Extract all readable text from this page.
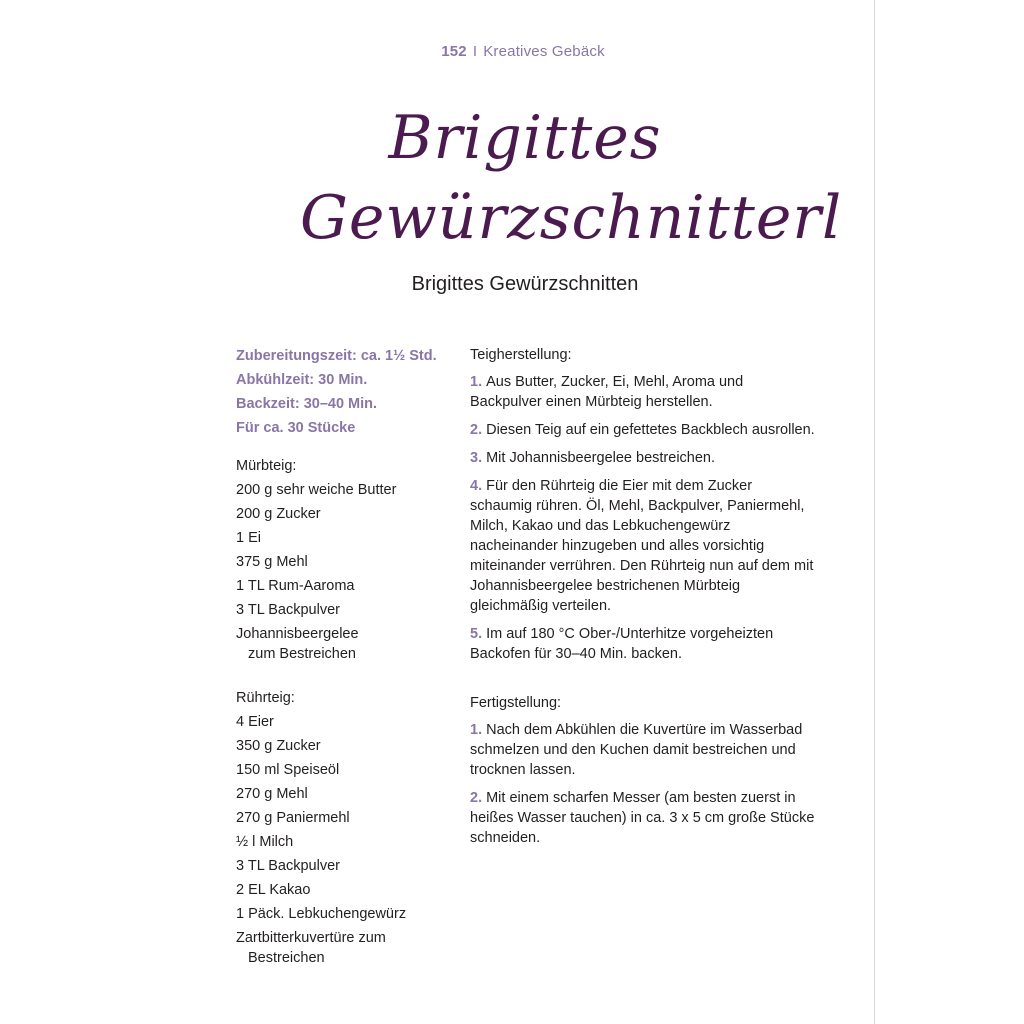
152 I Kreatives Gebäck
Brigittes
Gewürzschnitterl
Brigittes Gewürzschnitten
Zubereitungszeit: ca. 1½ Std.
Abkühlzeit: 30 Min.
Backzeit: 30–40 Min.
Für ca. 30 Stücke
Mürbteig:
200 g sehr weiche Butter
200 g Zucker
1 Ei
375 g Mehl
1 TL Rum-Aaroma
3 TL Backpulver
Johannisbeergelee
zum Bestreichen
Rührteig:
4 Eier
350 g Zucker
150 ml Speiseöl
270 g Mehl
270 g Paniermehl
½ l Milch
3 TL Backpulver
2 EL Kakao
1 Päck. Lebkuchengewürz
Zartbitterkuvertüre zum
Bestreichen
Teigherstellung:
1. Aus Butter, Zucker, Ei, Mehl, Aroma und Backpulver einen Mürbteig herstellen.
2. Diesen Teig auf ein gefettetes Backblech ausrollen.
3. Mit Johannisbeergelee bestreichen.
4. Für den Rührteig die Eier mit dem Zucker schaumig rühren. Öl, Mehl, Backpulver, Paniermehl, Milch, Kakao und das Lebkuchengewürz nacheinander hinzugeben und alles vorsichtig miteinander verrühren. Den Rührteig nun auf dem mit Johannisbeergelee bestrichenen Mürbteig gleichmäßig verteilen.
5. Im auf 180 °C Ober-/Unterhitze vorgeheizten Backofen für 30–40 Min. backen.
Fertigstellung:
1. Nach dem Abkühlen die Kuvertüre im Wasserbad schmelzen und den Kuchen damit bestreichen und trocknen lassen.
2. Mit einem scharfen Messer (am besten zuerst in heißes Wasser tauchen) in ca. 3 x 5 cm große Stücke schneiden.
